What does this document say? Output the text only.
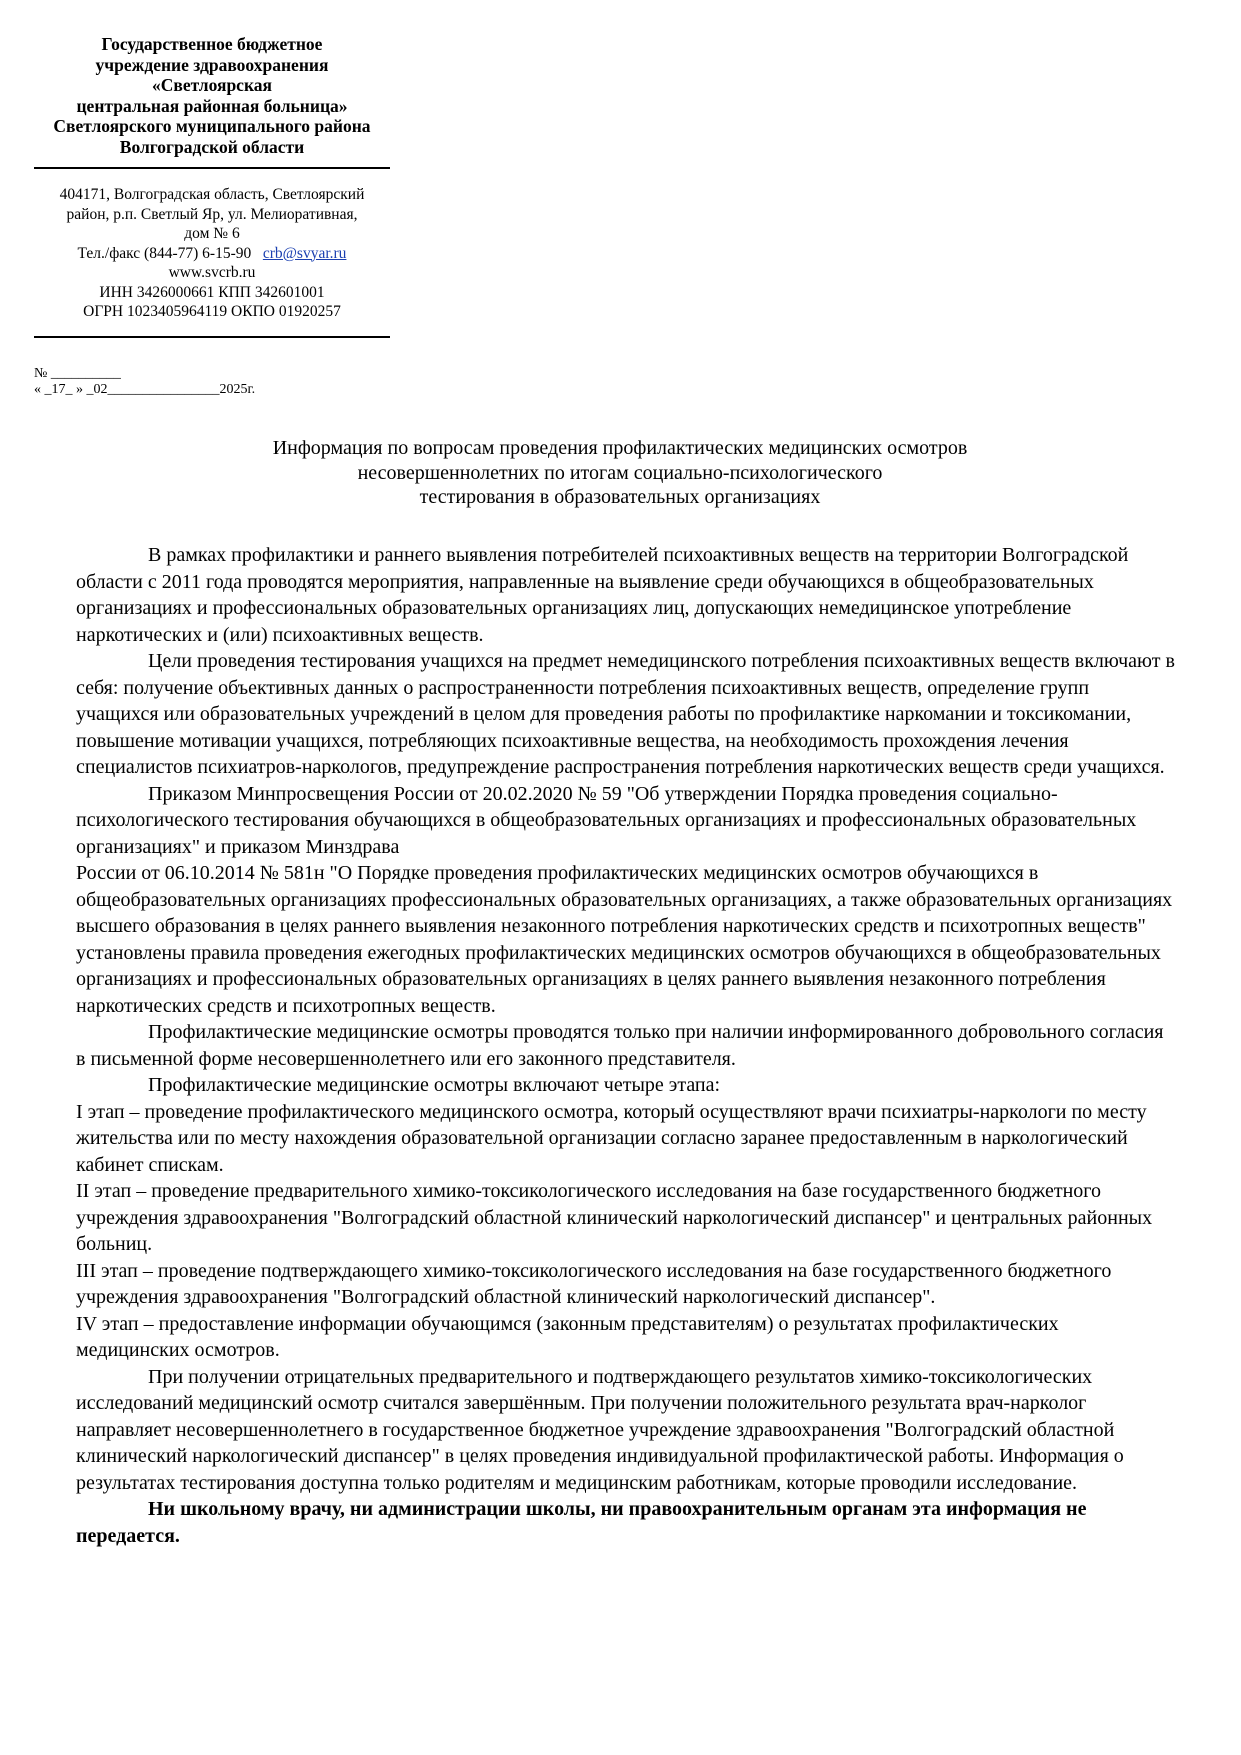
Государственное бюджетное
учреждение здравоохранения
«Светлоярская
центральная районная больница»
Светлоярского муниципального района
Волгоградской области
404171, Волгоградская область, Светлоярский
район, р.п. Светлый Яр, ул. Мелиоративная,
дом № 6
Тел./факс (844-77) 6-15-90 crb@svyar.ru
www.svcrb.ru
ИНН 3426000661 КПП 342601001
ОГРН 1023405964119 ОКПО 01920257
№ __________
« _17_ » _02________________2025г.
Информация по вопросам проведения профилактических медицинских осмотров
несовершеннолетних по итогам социально-психологического
тестирования в образовательных организациях

В рамках профилактики и раннего выявления потребителей психоактивных веществ на территории Волгоградской области с 2011 года проводятся мероприятия, направленные на выявление среди обучающихся в общеобразовательных организациях и профессиональных образовательных организациях лиц, допускающих немедицинское употребление наркотических и (или) психоактивных веществ.

Цели проведения тестирования учащихся на предмет немедицинского потребления психоактивных веществ включают в себя: получение объективных данных о распространенности потребления психоактивных веществ, определение групп учащихся или образовательных учреждений в целом для проведения работы по профилактике наркомании и токсикомании, повышение мотивации учащихся, потребляющих психоактивные вещества, на необходимость прохождения лечения специалистов психиатров-наркологов, предупреждение распространения потребления наркотических веществ среди учащихся.

Приказом Минпросвещения России от 20.02.2020 № 59 "Об утверждении Порядка проведения социально-психологического тестирования обучающихся в общеобразовательных организациях и профессиональных образовательных организациях" и приказом Минздрава

России от 06.10.2014 № 581н "О Порядке проведения профилактических медицинских осмотров обучающихся в общеобразовательных организациях профессиональных образовательных организациях, а также образовательных организациях высшего образования в целях раннего выявления незаконного потребления наркотических средств и психотропных веществ" установлены правила проведения ежегодных профилактических медицинских осмотров обучающихся в общеобразовательных организациях и профессиональных образовательных организациях в целях раннего выявления незаконного потребления наркотических средств и психотропных веществ.

Профилактические медицинские осмотры проводятся только при наличии информированного добровольного согласия в письменной форме несовершеннолетнего или его законного представителя.

Профилактические медицинские осмотры включают четыре этапа:

I этап – проведение профилактического медицинского осмотра, который осуществляют врачи психиатры-наркологи по месту жительства или по месту нахождения образовательной организации согласно заранее предоставленным в наркологический кабинет спискам.

II этап – проведение предварительного химико-токсикологического исследования на базе государственного бюджетного учреждения здравоохранения "Волгоградский областной клинический наркологический диспансер" и центральных районных больниц.

III этап – проведение подтверждающего химико-токсикологического исследования на базе государственного бюджетного учреждения здравоохранения "Волгоградский областной клинический наркологический диспансер".

IV этап – предоставление информации обучающимся (законным представителям) о результатах профилактических медицинских осмотров.

При получении отрицательных предварительного и подтверждающего результатов химико-токсикологических исследований медицинский осмотр считался завершённым. При получении положительного результата врач-нарколог направляет несовершеннолетнего в государственное бюджетное учреждение здравоохранения "Волгоградский областной клинический наркологический диспансер" в целях проведения индивидуальной профилактической работы. Информация о результатах тестирования доступна только родителям и медицинским работникам, которые проводили исследование.

Ни школьному врачу, ни администрации школы, ни правоохранительным органам эта информация не передается.
